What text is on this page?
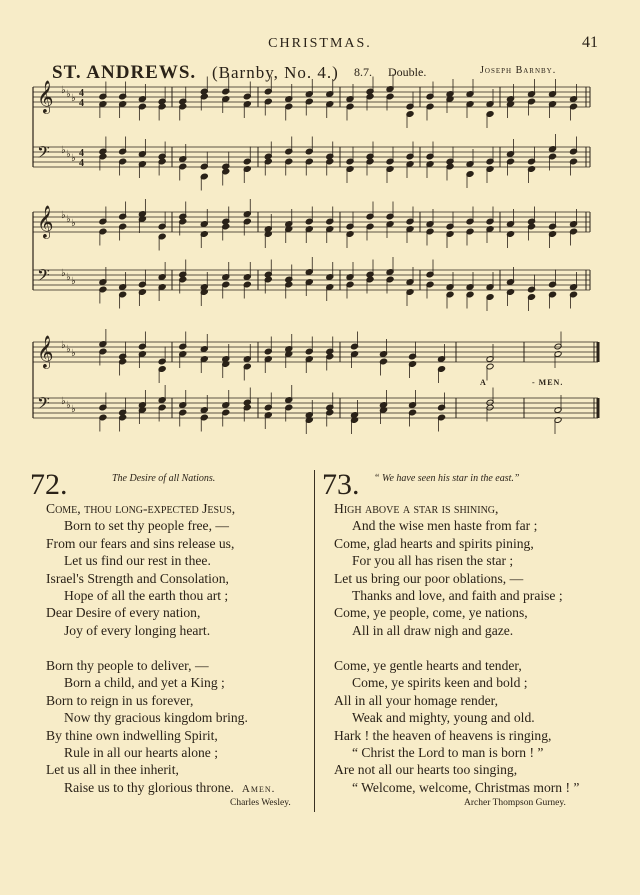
CHRISTMAS.	41
ST. ANDREWS. (Barnby, No. 4.) 8.7. Double.	Joseph Barnby.
𝄞 ♭ ♭ ♭ 4
4
𝄢 ♭ ♭ ♭ 4
4
𝄞 ♭ ♭ ♭
𝄢 ♭ ♭ ♭
𝄞 ♭ ♭ ♭
𝄢 ♭ ♭ ♭
A	- MEN.
72.	The Desire of all Nations.
Come, thou long-expected Jesus,
Born to set thy people free, —
From our fears and sins release us,
Let us find our rest in thee.
Israel's Strength and Consolation,
Hope of all the earth thou art ;
Dear Desire of every nation,
Joy of every longing heart.
Born thy people to deliver, —
Born a child, and yet a King ;
Born to reign in us forever,
Now thy gracious kingdom bring.
By thine own indwelling Spirit,
Rule in all our hearts alone ;
Let us all in thee inherit,
Raise us to thy glorious throne. Amen.
Charles Wesley.
73. “ We have seen his star in the east.”
High above a star is shining,
And the wise men haste from far ;
Come, glad hearts and spirits pining,
For you all has risen the star ;
Let us bring our poor oblations, —
Thanks and love, and faith and praise ;
Come, ye people, come, ye nations,
All in all draw nigh and gaze.
Come, ye gentle hearts and tender,
Come, ye spirits keen and bold ;
All in all your homage render,
Weak and mighty, young and old.
Hark ! the heaven of heavens is ringing,
“ Christ the Lord to man is born ! ”
Are not all our hearts too singing,
“ Welcome, welcome, Christmas morn ! ”
Archer Thompson Gurney.
